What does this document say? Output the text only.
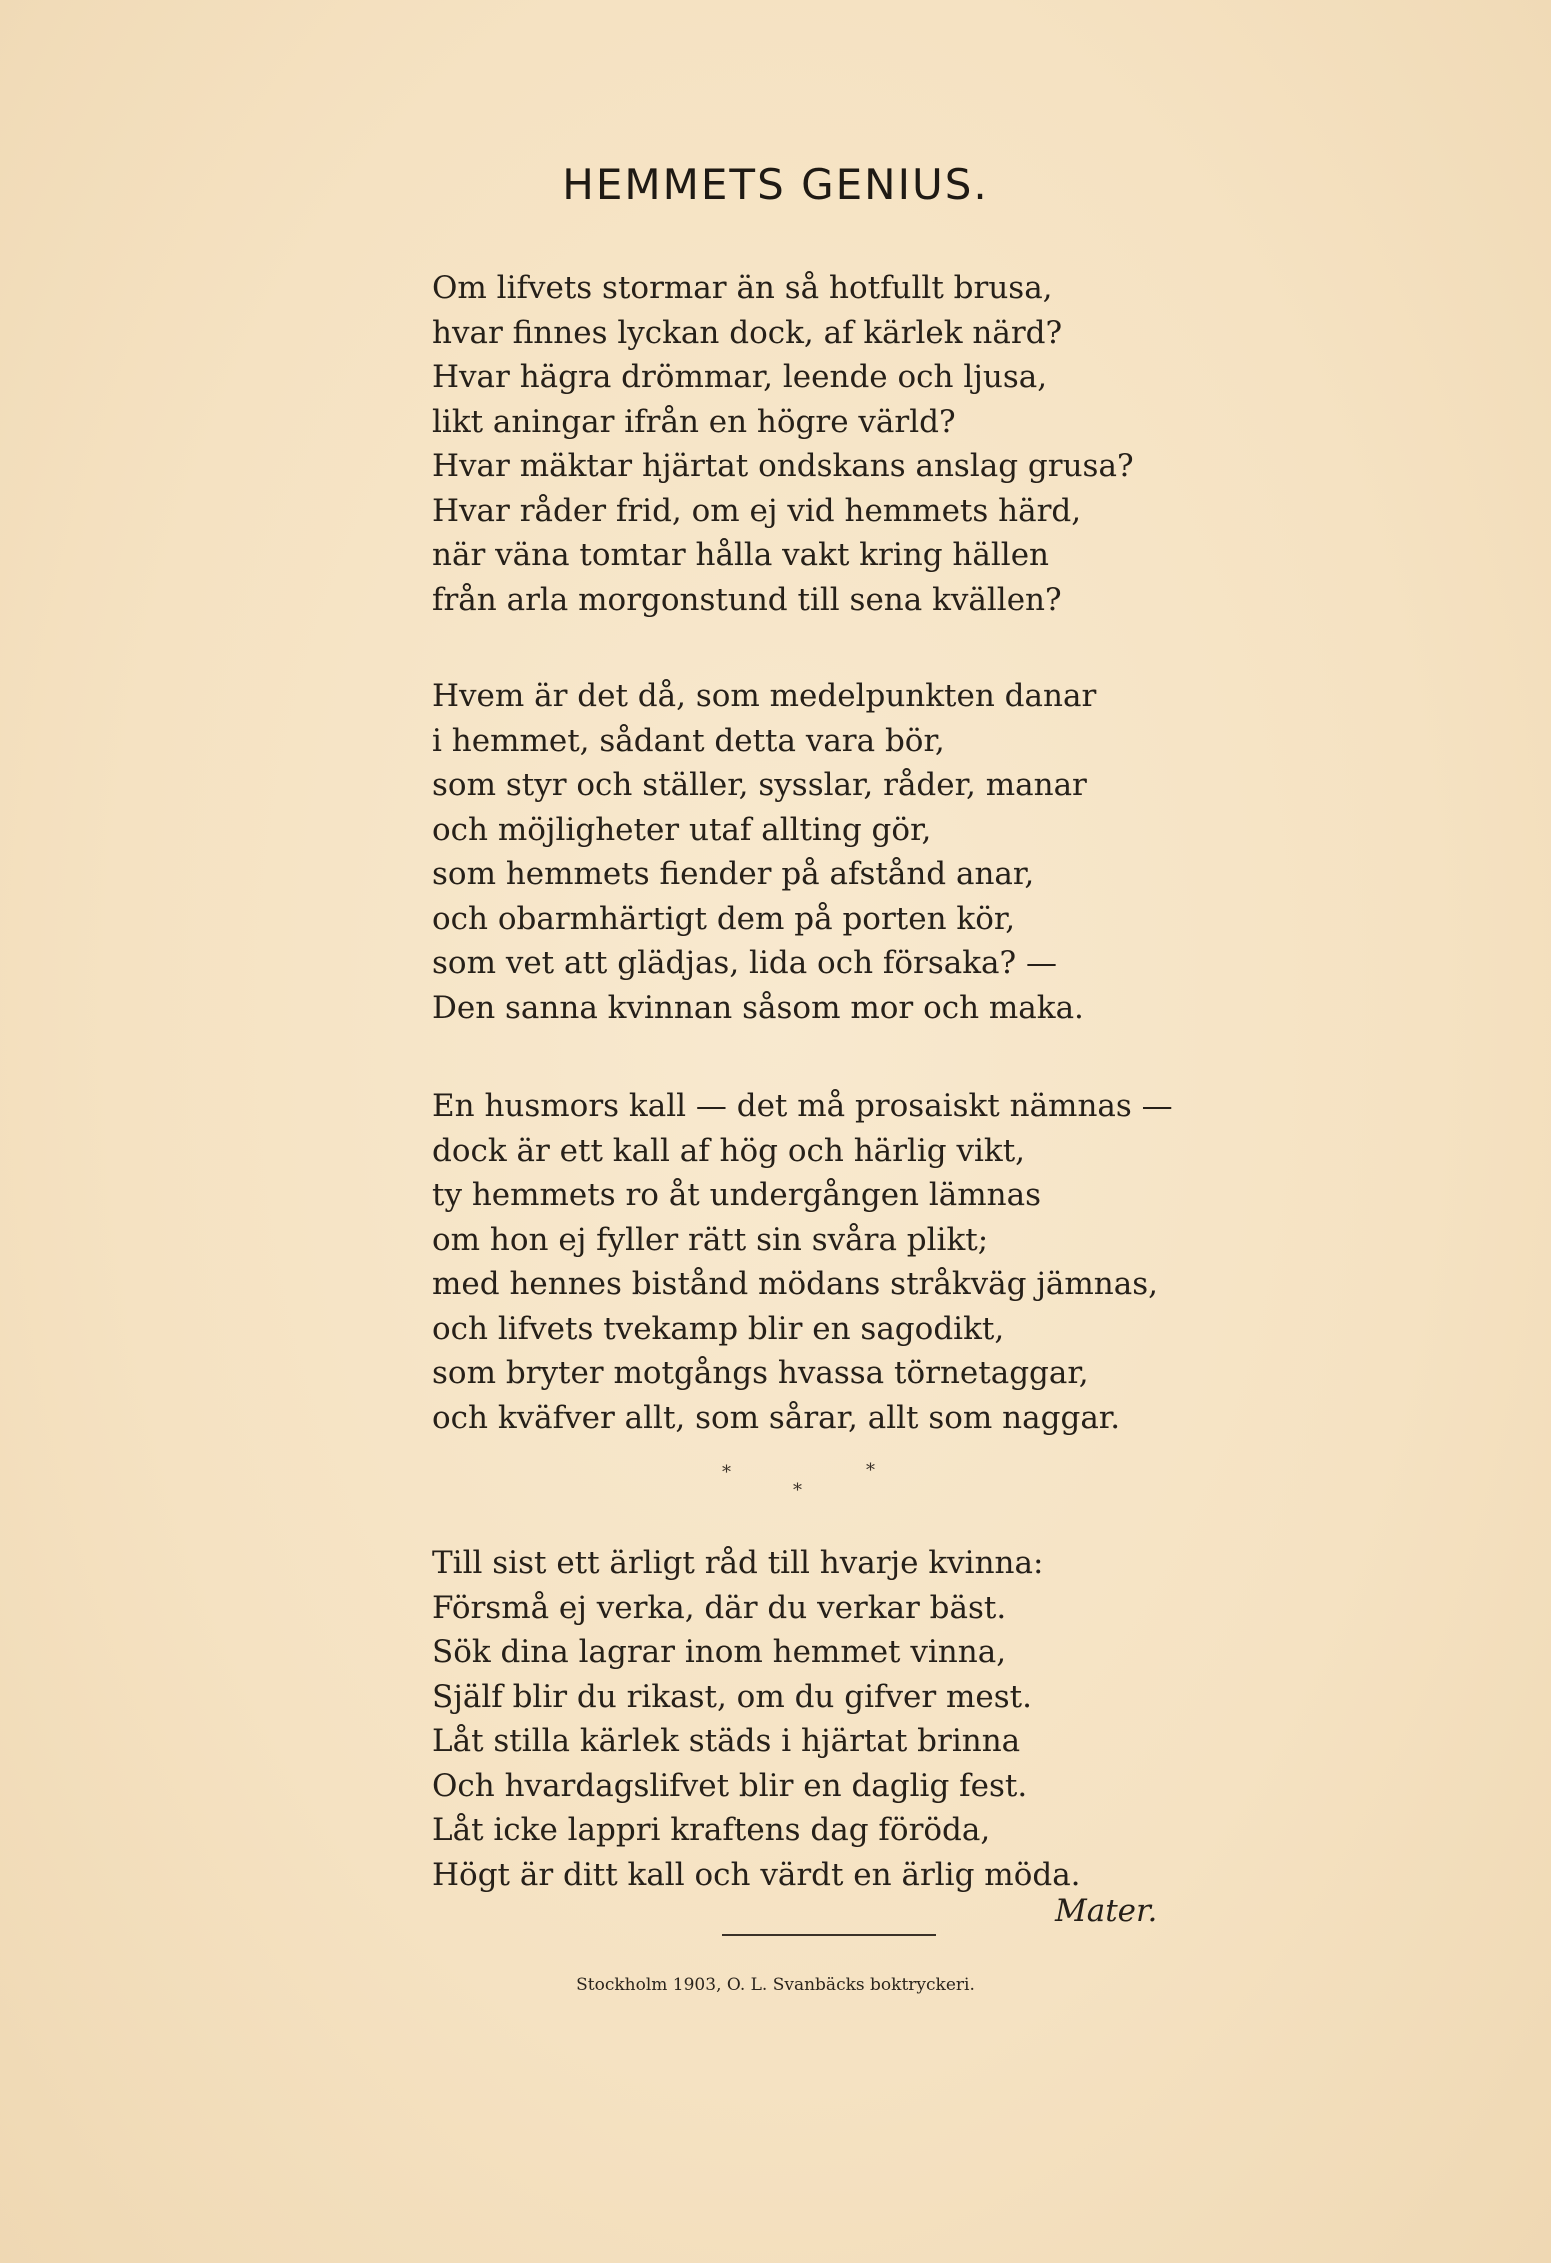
HEMMETS GENIUS.
Om lifvets stormar än så hotfullt brusa,
hvar finnes lyckan dock, af kärlek närd?
Hvar hägra drömmar, leende och ljusa,
likt aningar ifrån en högre värld?
Hvar mäktar hjärtat ondskans anslag grusa?
Hvar råder frid, om ej vid hemmets härd,
när väna tomtar hålla vakt kring hällen
från arla morgonstund till sena kvällen?
Hvem är det då, som medelpunkten danar
i hemmet, sådant detta vara bör,
som styr och ställer, sysslar, råder, manar
och möjligheter utaf allting gör,
som hemmets fiender på afstånd anar,
och obarmhärtigt dem på porten kör,
som vet att glädjas, lida och försaka? —
Den sanna kvinnan såsom mor och maka.
En husmors kall — det må prosaiskt nämnas —
dock är ett kall af hög och härlig vikt,
ty hemmets ro åt undergången lämnas
om hon ej fyller rätt sin svåra plikt;
med hennes bistånd mödans stråkväg jämnas,
och lifvets tvekamp blir en sagodikt,
som bryter motgångs hvassa törnetaggar,
och kväfver allt, som sårar, allt som naggar.
*	*
*
Till sist ett ärligt råd till hvarje kvinna:
Försmå ej verka, där du verkar bäst.
Sök dina lagrar inom hemmet vinna,
Själf blir du rikast, om du gifver mest.
Låt stilla kärlek städs i hjärtat brinna
Och hvardagslifvet blir en daglig fest.
Låt icke lappri kraftens dag föröda,
Högt är ditt kall och värdt en ärlig möda.
Mater.
Stockholm 1903, O. L. Svanbäcks boktryckeri.
